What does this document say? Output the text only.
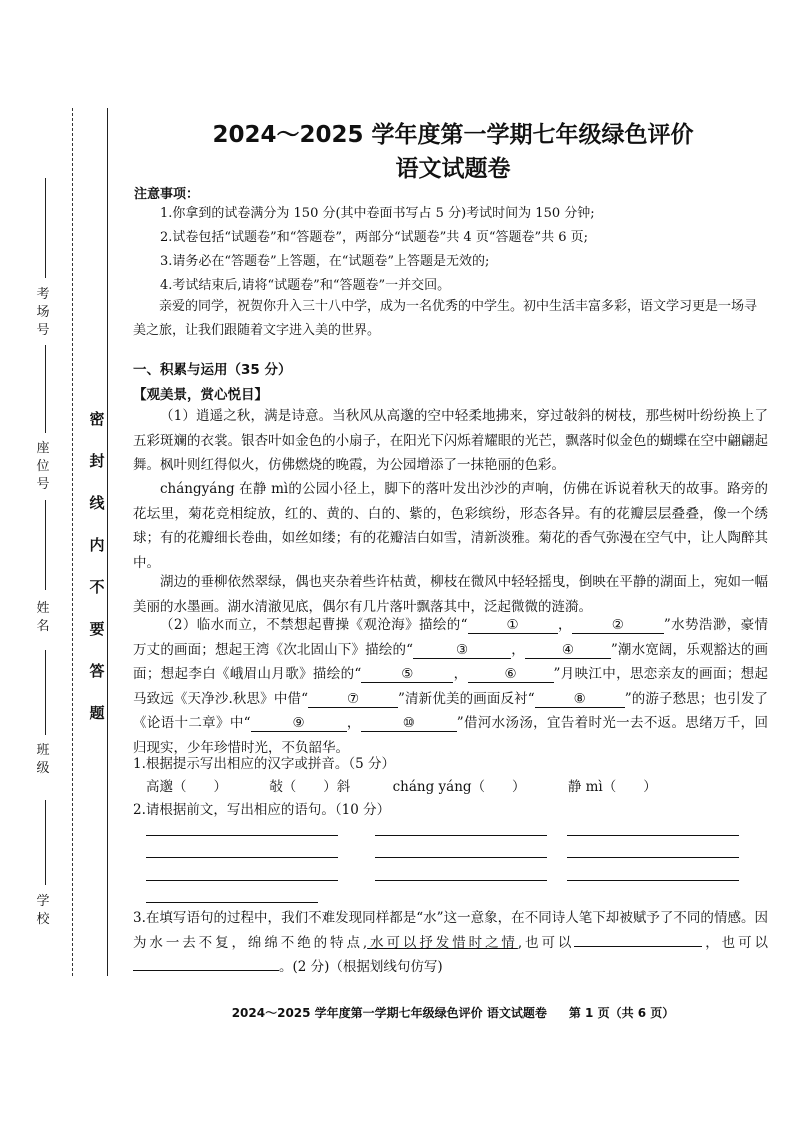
考场号
座位号
姓名
班级
学校
密
封
线
内
不
要
答
题
2024～2025 学年度第一学期七年级绿色评价
语文试题卷
注意事项：
1.你拿到的试卷满分为 150 分(其中卷面书写占 5 分)考试时间为 150 分钟;
2.试卷包括“试题卷”和“答题卷”，两部分“试题卷”共 4 页“答题卷”共 6 页;
3.请务必在“答题卷”上答题，在“试题卷”上答题是无效的;
4.考试结束后,请将“试题卷”和“答题卷”一并交回。
亲爱的同学，祝贺你升入三十八中学，成为一名优秀的中学生。初中生活丰富多彩，语文学习更是一场寻美之旅，让我们跟随着文字进入美的世界。
一、积累与运用（35 分）
【观美景，赏心悦目】
（1）逍遥之秋，满是诗意。当秋风从高邈的空中轻柔地拂来，穿过敧斜的树枝，那些树叶纷纷换上了五彩斑斓的衣裳。银杏叶如金色的小扇子，在阳光下闪烁着耀眼的光芒，飘落时似金色的蝴蝶在空中翩翩起舞。枫叶则红得似火，仿佛燃烧的晚霞，为公园增添了一抹艳丽的色彩。
chángyáng 在静 mì的公园小径上，脚下的落叶发出沙沙的声响，仿佛在诉说着秋天的故事。路旁的花坛里，菊花竞相绽放，红的、黄的、白的、紫的，色彩缤纷，形态各异。有的花瓣层层叠叠，像一个绣球；有的花瓣细长卷曲，如丝如缕；有的花瓣洁白如雪，清新淡雅。菊花的香气弥漫在空气中，让人陶醉其中。
湖边的垂柳依然翠绿，偶也夹杂着些许枯黄，柳枝在微风中轻轻摇曳，倒映在平静的湖面上，宛如一幅美丽的水墨画。湖水清澈见底，偶尔有几片落叶飘落其中，泛起微微的涟漪。
（2）临水而立，不禁想起曹操《观沧海》描绘的“	①	，	②	”水势浩渺，豪情万丈的画面；想起王湾《次北固山下》描绘的“	③	，	④	”潮水宽阔，乐观豁达的画面；想起李白《峨眉山月歌》描绘的“	⑤	，	⑥	”月映江中，思恋亲友的画面；想起马致远《天净沙.秋思》中借“	⑦	”清新优美的画面反衬“	⑧	”的游子愁思；也引发了《论语十二章》中“	⑨	，	⑩	”借河水汤汤，宜告着时光一去不返。思绪万千，回归现实，少年珍惜时光，不负韶华。
1.根据提示写出相应的汉字或拼音。（5 分）
高邈（　　）	敧（　　）斜	cháng yáng（　　）	静 mì（　　）
2.请根据前文，写出相应的语句。（10 分）
3.在填写语句的过程中，我们不难发现同样都是“水”这一意象，在不同诗人笔下却被赋予了不同的情感。因为水一去不复，绵绵不绝的特点,水可以抒发惜时之情,也可以	，也可以。(2 分)（根据划线句仿写)
2024～2025 学年度第一学期七年级绿色评价 语文试题卷 第 1 页（共 6 页）
